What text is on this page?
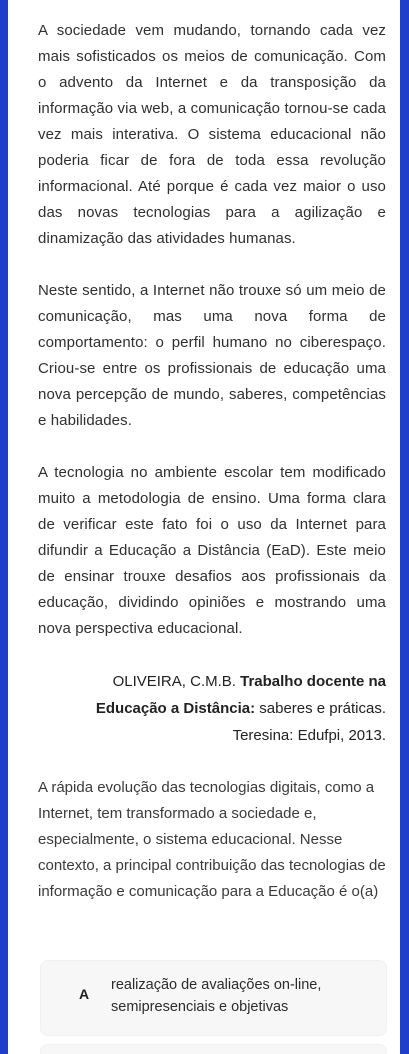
A sociedade vem mudando, tornando cada vez mais sofisticados os meios de comunicação. Com o advento da Internet e da transposição da informação via web, a comunicação tornou-se cada vez mais interativa. O sistema educacional não poderia ficar de fora de toda essa revolução informacional. Até porque é cada vez maior o uso das novas tecnologias para a agilização e dinamização das atividades humanas.

Neste sentido, a Internet não trouxe só um meio de comunicação, mas uma nova forma de comportamento: o perfil humano no ciberespaço. Criou-se entre os profissionais de educação uma nova percepção de mundo, saberes, competências e habilidades.

A tecnologia no ambiente escolar tem modificado muito a metodologia de ensino. Uma forma clara de verificar este fato foi o uso da Internet para difundir a Educação a Distância (EaD). Este meio de ensinar trouxe desafios aos profissionais da educação, dividindo opiniões e mostrando uma nova perspectiva educacional.

OLIVEIRA, C.M.B. Trabalho docente na Educação a Distância: saberes e práticas. Teresina: Edufpi, 2013.

A rápida evolução das tecnologias digitais, como a Internet, tem transformado a sociedade e, especialmente, o sistema educacional. Nesse contexto, a principal contribuição das tecnologias de informação e comunicação para a Educação é o(a)

A
realização de avaliações on-line, semipresenciais e objetivas
